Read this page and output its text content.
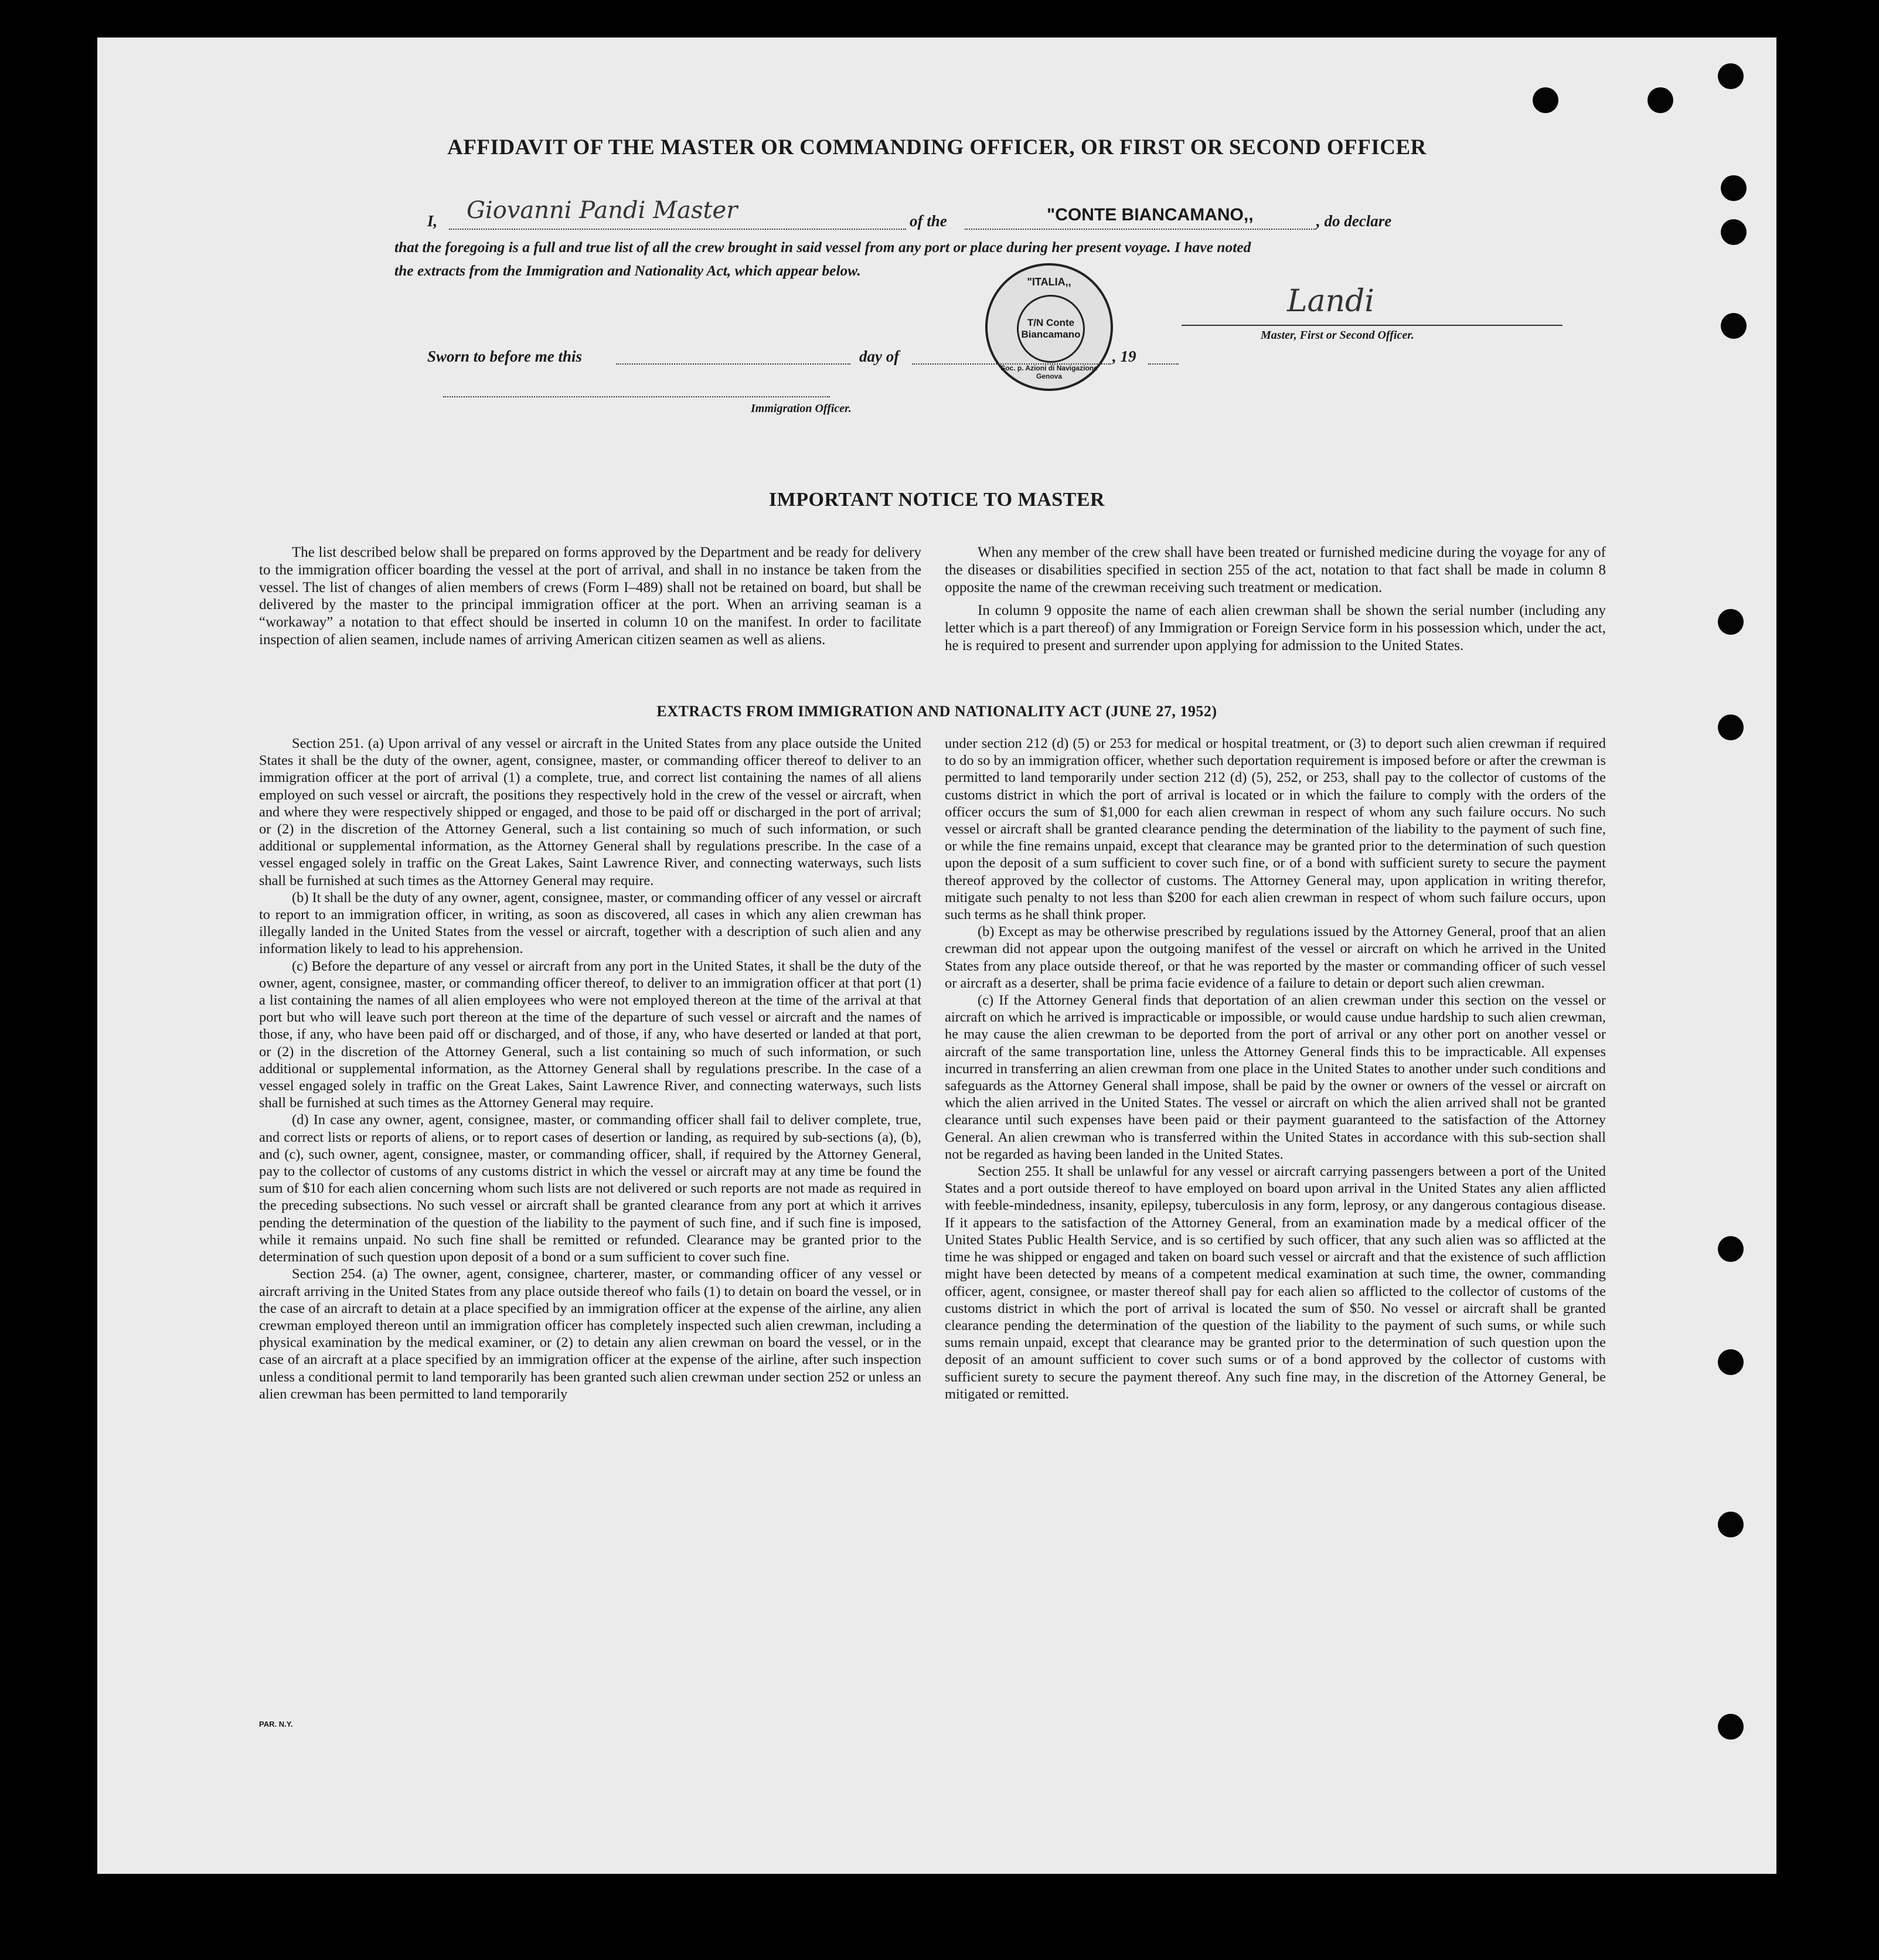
AFFIDAVIT OF THE MASTER OR COMMANDING OFFICER, OR FIRST OR SECOND OFFICER
I, Giovanni Pandi Master	of the	"CONTE BIANCAMANO,,	, do declare
that the foregoing is a full and true list of all the crew brought in said vessel from any port or place during her present voyage. I have noted
the extracts from the Immigration and Nationality Act, which appear below.
"ITALIA,,
T/N Conte
Biancamano
Soc. p. Azioni di Navigazione Genova
Landi
Master, First or Second Officer.
Sworn to before me this	day of	, 19
Immigration Officer.
IMPORTANT NOTICE TO MASTER

The list described below shall be prepared on forms approved by the Department and be ready for delivery to the immigration officer boarding the vessel at the port of arrival, and shall in no instance be taken from the vessel. The list of changes of alien members of crews (Form I–489) shall not be retained on board, but shall be delivered by the master to the principal immigration officer at the port. When an arriving seaman is a “workaway” a notation to that effect should be inserted in column 10 on the manifest. In order to facilitate inspection of alien seamen, include names of arriving American citizen seamen as well as aliens.

When any member of the crew shall have been treated or furnished medicine during the voyage for any of the diseases or disabilities specified in section 255 of the act, notation to that fact shall be made in column 8 opposite the name of the crewman receiving such treatment or medication.

In column 9 opposite the name of each alien crewman shall be shown the serial number (including any letter which is a part thereof) of any Immigration or Foreign Service form in his possession which, under the act, he is required to present and surrender upon applying for admission to the United States.

EXTRACTS FROM IMMIGRATION AND NATIONALITY ACT (JUNE 27, 1952)

Section 251. (a) Upon arrival of any vessel or aircraft in the United States from any place outside the United States it shall be the duty of the owner, agent, consignee, master, or commanding officer thereof to deliver to an immigration officer at the port of arrival (1) a complete, true, and correct list containing the names of all aliens employed on such vessel or aircraft, the positions they respectively hold in the crew of the vessel or aircraft, when and where they were respectively shipped or engaged, and those to be paid off or discharged in the port of arrival; or (2) in the discretion of the Attorney General, such a list containing so much of such information, or such additional or supplemental information, as the Attorney General shall by regulations prescribe. In the case of a vessel engaged solely in traffic on the Great Lakes, Saint Lawrence River, and connecting waterways, such lists shall be furnished at such times as the Attorney General may require.

(b) It shall be the duty of any owner, agent, consignee, master, or commanding officer of any vessel or aircraft to report to an immigration officer, in writing, as soon as discovered, all cases in which any alien crewman has illegally landed in the United States from the vessel or aircraft, together with a description of such alien and any information likely to lead to his apprehension.

(c) Before the departure of any vessel or aircraft from any port in the United States, it shall be the duty of the owner, agent, consignee, master, or commanding officer thereof, to deliver to an immigration officer at that port (1) a list containing the names of all alien employees who were not employed thereon at the time of the arrival at that port but who will leave such port thereon at the time of the departure of such vessel or aircraft and the names of those, if any, who have been paid off or discharged, and of those, if any, who have deserted or landed at that port, or (2) in the discretion of the Attorney General, such a list containing so much of such information, or such additional or supplemental information, as the Attorney General shall by regulations prescribe. In the case of a vessel engaged solely in traffic on the Great Lakes, Saint Lawrence River, and connecting waterways, such lists shall be furnished at such times as the Attorney General may require.

(d) In case any owner, agent, consignee, master, or commanding officer shall fail to deliver complete, true, and correct lists or reports of aliens, or to report cases of desertion or landing, as required by sub-sections (a), (b), and (c), such owner, agent, consignee, master, or commanding officer, shall, if required by the Attorney General, pay to the collector of customs of any customs district in which the vessel or aircraft may at any time be found the sum of $10 for each alien concerning whom such lists are not delivered or such reports are not made as required in the preceding subsections. No such vessel or aircraft shall be granted clearance from any port at which it arrives pending the determination of the question of the liability to the payment of such fine, and if such fine is imposed, while it remains unpaid. No such fine shall be remitted or refunded. Clearance may be granted prior to the determination of such question upon deposit of a bond or a sum sufficient to cover such fine.

Section 254. (a) The owner, agent, consignee, charterer, master, or commanding officer of any vessel or aircraft arriving in the United States from any place outside thereof who fails (1) to detain on board the vessel, or in the case of an aircraft to detain at a place specified by an immigration officer at the expense of the airline, any alien crewman employed thereon until an immigration officer has completely inspected such alien crewman, including a physical examination by the medical examiner, or (2) to detain any alien crewman on board the vessel, or in the case of an aircraft at a place specified by an immigration officer at the expense of the airline, after such inspection unless a conditional permit to land temporarily has been granted such alien crewman under section 252 or unless an alien crewman has been permitted to land temporarily

under section 212 (d) (5) or 253 for medical or hospital treatment, or (3) to deport such alien crewman if required to do so by an immigration officer, whether such deportation requirement is imposed before or after the crewman is permitted to land temporarily under section 212 (d) (5), 252, or 253, shall pay to the collector of customs of the customs district in which the port of arrival is located or in which the failure to comply with the orders of the officer occurs the sum of $1,000 for each alien crewman in respect of whom any such failure occurs. No such vessel or aircraft shall be granted clearance pending the determination of the liability to the payment of such fine, or while the fine remains unpaid, except that clearance may be granted prior to the determination of such question upon the deposit of a sum sufficient to cover such fine, or of a bond with sufficient surety to secure the payment thereof approved by the collector of customs. The Attorney General may, upon application in writing therefor, mitigate such penalty to not less than $200 for each alien crewman in respect of whom such failure occurs, upon such terms as he shall think proper.

(b) Except as may be otherwise prescribed by regulations issued by the Attorney General, proof that an alien crewman did not appear upon the outgoing manifest of the vessel or aircraft on which he arrived in the United States from any place outside thereof, or that he was reported by the master or commanding officer of such vessel or aircraft as a deserter, shall be prima facie evidence of a failure to detain or deport such alien crewman.

(c) If the Attorney General finds that deportation of an alien crewman under this section on the vessel or aircraft on which he arrived is impracticable or impossible, or would cause undue hardship to such alien crewman, he may cause the alien crewman to be deported from the port of arrival or any other port on another vessel or aircraft of the same transportation line, unless the Attorney General finds this to be impracticable. All expenses incurred in transferring an alien crewman from one place in the United States to another under such conditions and safeguards as the Attorney General shall impose, shall be paid by the owner or owners of the vessel or aircraft on which the alien arrived in the United States. The vessel or aircraft on which the alien arrived shall not be granted clearance until such expenses have been paid or their payment guaranteed to the satisfaction of the Attorney General. An alien crewman who is transferred within the United States in accordance with this sub-section shall not be regarded as having been landed in the United States.

Section 255. It shall be unlawful for any vessel or aircraft carrying passengers between a port of the United States and a port outside thereof to have employed on board upon arrival in the United States any alien afflicted with feeble-mindedness, insanity, epilepsy, tuberculosis in any form, leprosy, or any dangerous contagious disease. If it appears to the satisfaction of the Attorney General, from an examination made by a medical officer of the United States Public Health Service, and is so certified by such officer, that any such alien was so afflicted at the time he was shipped or engaged and taken on board such vessel or aircraft and that the existence of such affliction might have been detected by means of a competent medical examination at such time, the owner, commanding officer, agent, consignee, or master thereof shall pay for each alien so afflicted to the collector of customs of the customs district in which the port of arrival is located the sum of $50. No vessel or aircraft shall be granted clearance pending the determination of the question of the liability to the payment of such sums, or while such sums remain unpaid, except that clearance may be granted prior to the determination of such question upon the deposit of an amount sufficient to cover such sums or of a bond approved by the collector of customs with sufficient surety to secure the payment thereof. Any such fine may, in the discretion of the Attorney General, be mitigated or remitted.

PAR. N.Y.
